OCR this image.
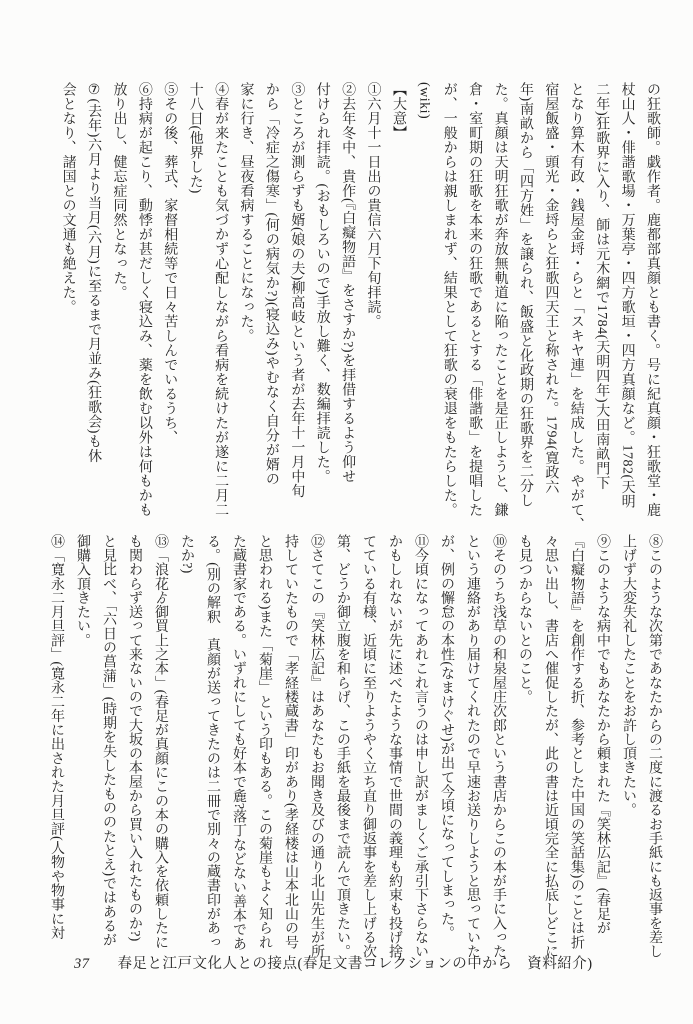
の狂歌師。戯作者。鹿都部真顔とも書く。号に紀真顔・狂歌堂・鹿
杖山人・俳諧歌場・万葉亭・四方歌垣・四方真顔など。1782(天明
二年)狂歌界に入り、師は元木網で1784(天明四年)大田南畝門下
となり算木有政・銭屋金埒・らと「スキヤ連」を結成した。やがて、
宿屋飯盛・頭光・金埒らと狂歌四天王と称された。1794(寛政六
年)南畝から「四方姓」を譲られ、飯盛と化政期の狂歌界を二分し
た。真顔は天明狂歌が奔放無軌道に陥ったことを是正しようと、鎌
倉・室町期の狂歌を本来の狂歌であるとする「俳諧歌」を提唱した
が、一般からは親しまれず、結果として狂歌の衰退をもたらした。
(wiki)
【大意】
①六月十一日出の貴信六月下旬拝読。
②去年冬中、貴作(『白癡物語』をさすか?)を拝借するよう仰せ
付けられ拝読。(おもしろいので)手放し難く、数編拝読した。
③ところが測らずも婿(娘の夫)柳高岐という者が去年十一月中旬
から「冷症之傷寒」(何の病気か?)(寝込み)やむなく自分が婿の
家に行き、昼夜看病することになった。
④春が来たことも気づかず心配しながら看病を続けたが遂に二月二
十八日(他界した)
⑤その後、葬式、家督相続等で日々苦しんでいるうち、
⑥持病が起こり、動悸が甚だしく寝込み、薬を飲む以外は何もかも
放り出し、健忘症同然となった。
⑦(去年)六月より当月(六月)に至るまで月並み(狂歌会)も休
会となり、諸国との文通も絶えた。
⑧このような次第であなたからの二度に渡るお手紙にも返事を差し
上げず大変失礼したことをお許し頂きたい。
⑨このような病中でもあなたから頼まれた『笑林広記』(春足が
『白癡物語』を創作する折、参考とした中国の笑話集)のことは折
々思い出し、書店へ催促したが、此の書は近頃完全に払底しどこに
も見つからないとのこと。
⑩そのうち浅草の和泉屋庄次郎という書店からこの本が手に入った
という連絡があり届けてくれたので早速お送りしようと思っていた
が、例の懈怠の本性(なまけぐせ)が出て今頃になってしまった。
⑪今頃になってあれこれ言うのは申し訳がましくご承引下さらない
かもしれないが先に述べたような事情で世間の義理も約束も投げ捨
てている有様、近頃に至りようやく立ち直り御返事を差し上げる次
第、どうか御立腹を和らげ、この手紙を最後まで読んで頂きたい。
⑫さてこの『笑林広記』はあなたもお聞き及びの通り北山先生が所
持していたもので「孝経楼蔵書」印があり(孝経楼は山本北山の号
と思われる)また「菊崖」という印もある。この菊崖もよく知られ
た蔵書家である。いずれにしても好本で麁?落丁などない善本であ
る。(別の解釈　真顔が送ってきたのは二冊で別々の蔵書印があっ
たか?)
⑬「浪花ゟ御買上之本」(春足が真顔にこの本の購入を依頼したに
も関わらず送って来ないので大坂の本屋から買い入れたものか?)
と見比べ、「六日の菖蒲」(時期を失したもののたとえ)ではあるが
御購入頂きたい。
⑭「寛永二月旦評」(寛永二年に出された月旦評(人物や物事に対
37 春足と江戸文化人との接点(春足文書コレクションの中から　資料紹介)
